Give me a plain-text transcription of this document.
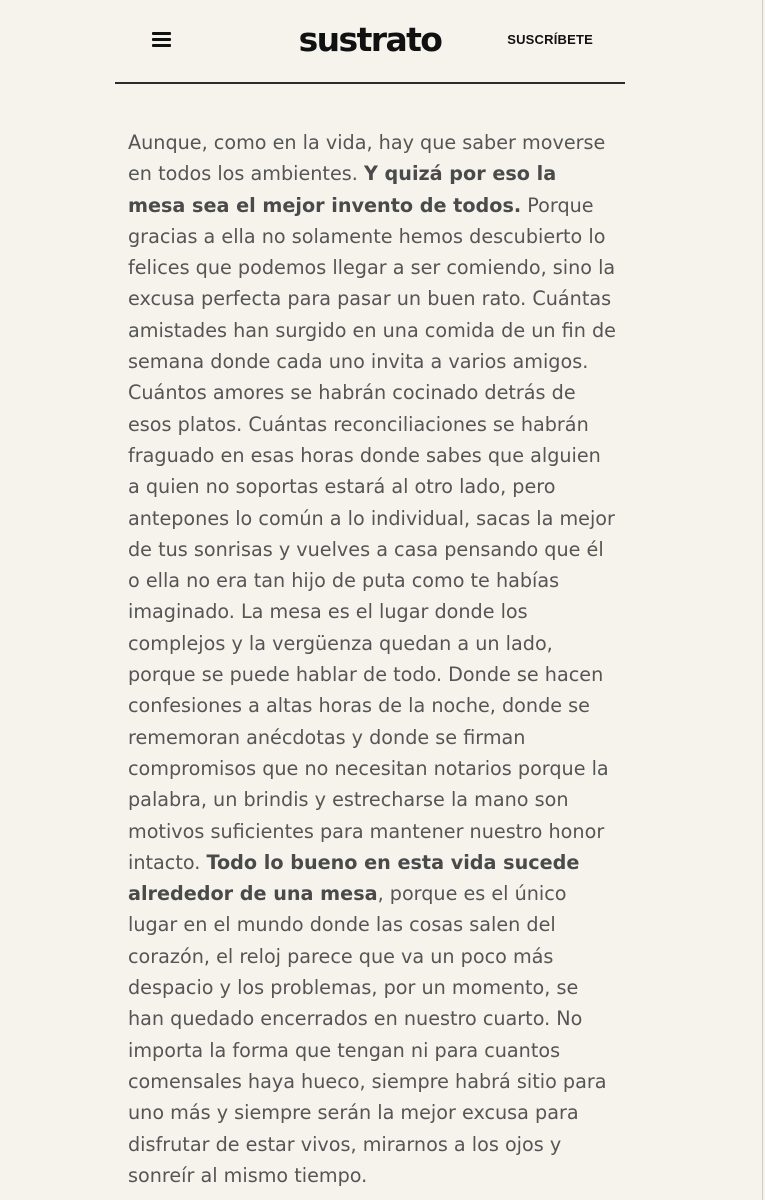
sustrato	SUSCRÍBETE

Aunque, como en la vida, hay que saber moverse en todos los ambientes. Y quizá por eso la mesa sea el mejor invento de todos. Porque gracias a ella no solamente hemos descubierto lo felices que podemos llegar a ser comiendo, sino la excusa perfecta para pasar un buen rato. Cuántas amistades han surgido en una comida de un fin de semana donde cada uno invita a varios amigos. Cuántos amores se habrán cocinado detrás de esos platos. Cuántas reconciliaciones se habrán fraguado en esas horas donde sabes que alguien a quien no soportas estará al otro lado, pero antepones lo común a lo individual, sacas la mejor de tus sonrisas y vuelves a casa pensando que él o ella no era tan hijo de puta como te habías imaginado. La mesa es el lugar donde los complejos y la vergüenza quedan a un lado, porque se puede hablar de todo. Donde se hacen confesiones a altas horas de la noche, donde se rememoran anécdotas y donde se firman compromisos que no necesitan notarios porque la palabra, un brindis y estrecharse la mano son motivos suficientes para mantener nuestro honor intacto. Todo lo bueno en esta vida sucede alrededor de una mesa, porque es el único lugar en el mundo donde las cosas salen del corazón, el reloj parece que va un poco más despacio y los problemas, por un momento, se han quedado encerrados en nuestro cuarto. No importa la forma que tengan ni para cuantos comensales haya hueco, siempre habrá sitio para uno más y siempre serán la mejor excusa para disfrutar de estar vivos, mirarnos a los ojos y sonreír al mismo tiempo.
